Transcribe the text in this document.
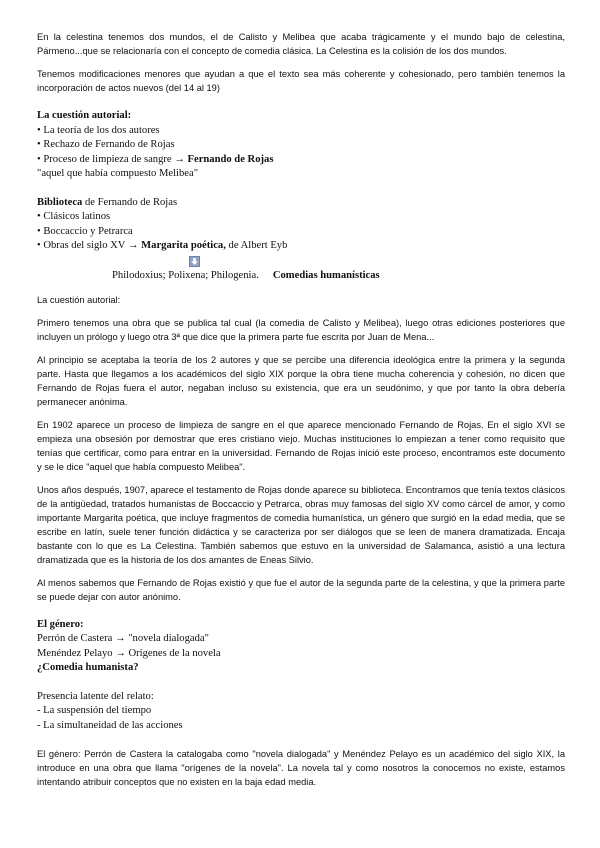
En la celestina tenemos dos mundos, el de Calisto y Melibea que acaba trágicamente y el mundo bajo de celestina, Pármeno...que se relacionaría con el concepto de comedia clásica. La Celestina es la colisión de los dos mundos.

Tenemos modificaciones menores que ayudan a que el texto sea más coherente y cohesionado, pero también tenemos la incorporación de actos nuevos (del 14 al 19)

La cuestión autorial:

• La teoría de los dos autores

• Rechazo de Fernando de Rojas

• Proceso de limpieza de sangre → Fernando de Rojas

"aquel que había compuesto Melibea"

Biblioteca de Fernando de Rojas

• Clásicos latinos

• Boccaccio y Petrarca

• Obras del siglo XV → Margarita poética, de Albert Eyb

Philodoxius; Polixena; Philogenia. Comedias humanísticas

La cuestión autorial:

Primero tenemos una obra que se publica tal cual (la comedia de Calisto y Melibea), luego otras ediciones posteriores que incluyen un prólogo y luego otra 3ª que dice que la primera parte fue escrita por Juan de Mena...

Al principio se aceptaba la teoría de los 2 autores y que se percibe una diferencia ideológica entre la primera y la segunda parte. Hasta que llegamos a los académicos del siglo XIX porque la obra tiene mucha coherencia y cohesión, no dicen que Fernando de Rojas fuera el autor, negaban incluso su existencia, que era un seudónimo, y que por tanto la obra debería permanecer anónima.

En 1902 aparece un proceso de limpieza de sangre en el que aparece mencionado Fernando de Rojas. En el siglo XVI se empieza una obsesión por demostrar que eres cristiano viejo. Muchas instituciones lo empiezan a tener como requisito que tenías que certificar, como para entrar en la universidad. Fernando de Rojas inició este proceso, encontramos este documento y se le dice "aquel que había compuesto Melibea".

Unos años después, 1907, aparece el testamento de Rojas donde aparece su biblioteca. Encontramos que tenía textos clásicos de la antigüedad, tratados humanistas de Boccaccio y Petrarca, obras muy famosas del siglo XV como cárcel de amor, y como importante Margarita poética, que incluye fragmentos de comedia humanística, un género que surgió en la edad media, que se escribe en latín, suele tener función didáctica y se caracteriza por ser diálogos que se leen de manera dramatizada. Encaja bastante con lo que es La Celestina. También sabemos que estuvo en la universidad de Salamanca, asistió a una lectura dramatizada que es la historia de los dos amantes de Eneas Silvio.

Al menos sabemos que Fernando de Rojas existió y que fue el autor de la segunda parte de la celestina, y que la primera parte se puede dejar con autor anónimo.

El género:

Perrón de Castera → "novela dialogada"

Menéndez Pelayo → Orígenes de la novela

¿Comedia humanista?

Presencia latente del relato:

- La suspensión del tiempo

- La simultaneidad de las acciones

El género: Perrón de Castera la catalogaba como "novela dialogada" y Menéndez Pelayo es un académico del siglo XIX, la introduce en una obra que llama "orígenes de la novela". La novela tal y como nosotros la conocemos no existe, estamos intentando atribuir conceptos que no existen en la baja edad media.
